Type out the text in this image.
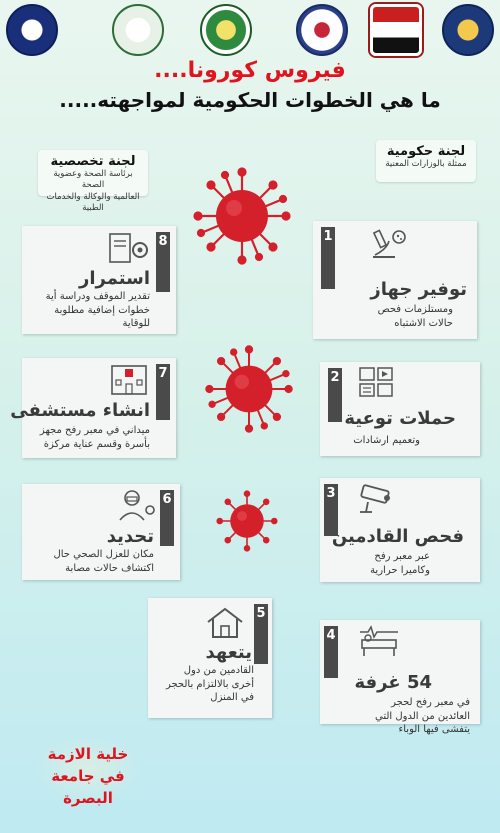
فيروس كورونا....
ما هي الخطوات الحكومية لمواجهته.....
لجنة تخصصية
برئاسة الصحة وعضوية الصحة
العالمية والوكالة والخدمات الطبية
لجنة حكومية
ممثلة بالوزارات المعنية
8
استمرار
تقدير الموقف ودراسة أية
خطوات إضافية مطلوبة
للوقاية
1
توفير جهاز
ومستلزمات فحص
حالات الاشتباه
7
انشاء مستشفى
ميداني في معبر رفح مجهز
بأسرة وقسم عناية مركزة
2
حملات توعية
وتعميم ارشادات
6
تحديد
مكان للعزل الصحي حال
اكتشاف حالات مصابة
3
فحص القادمين
عبر معبر رفح
وكاميرا حرارية
5
يتعهد
القادمين من دول
أخرى بالالتزام بالحجر
في المنزل
4
54 غرفة
في معبر رفح لحجر
العائدين من الدول التي
يتفشى فيها الوباء
خلية الازمة
في جامعة البصرة
